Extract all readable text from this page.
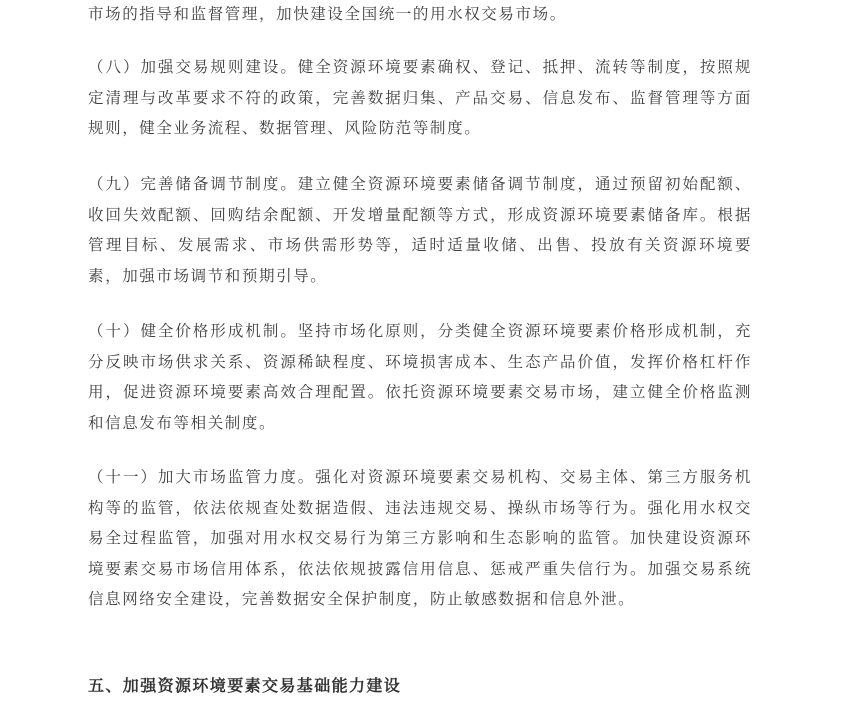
市场的指导和监督管理，加快建设全国统一的用水权交易市场。

（八）加强交易规则建设。健全资源环境要素确权、登记、抵押、流转等制度，按照规定清理与改革要求不符的政策，完善数据归集、产品交易、信息发布、监督管理等方面规则，健全业务流程、数据管理、风险防范等制度。

（九）完善储备调节制度。建立健全资源环境要素储备调节制度，通过预留初始配额、收回失效配额、回购结余配额、开发增量配额等方式，形成资源环境要素储备库。根据管理目标、发展需求、市场供需形势等，适时适量收储、出售、投放有关资源环境要素，加强市场调节和预期引导。

（十）健全价格形成机制。坚持市场化原则，分类健全资源环境要素价格形成机制，充分反映市场供求关系、资源稀缺程度、环境损害成本、生态产品价值，发挥价格杠杆作用，促进资源环境要素高效合理配置。依托资源环境要素交易市场，建立健全价格监测和信息发布等相关制度。

（十一）加大市场监管力度。强化对资源环境要素交易机构、交易主体、第三方服务机构等的监管，依法依规查处数据造假、违法违规交易、操纵市场等行为。强化用水权交易全过程监管，加强对用水权交易行为第三方影响和生态影响的监管。加快建设资源环境要素交易市场信用体系，依法依规披露信用信息、惩戒严重失信行为。加强交易系统信息网络安全建设，完善数据安全保护制度，防止敏感数据和信息外泄。

五、加强资源环境要素交易基础能力建设
